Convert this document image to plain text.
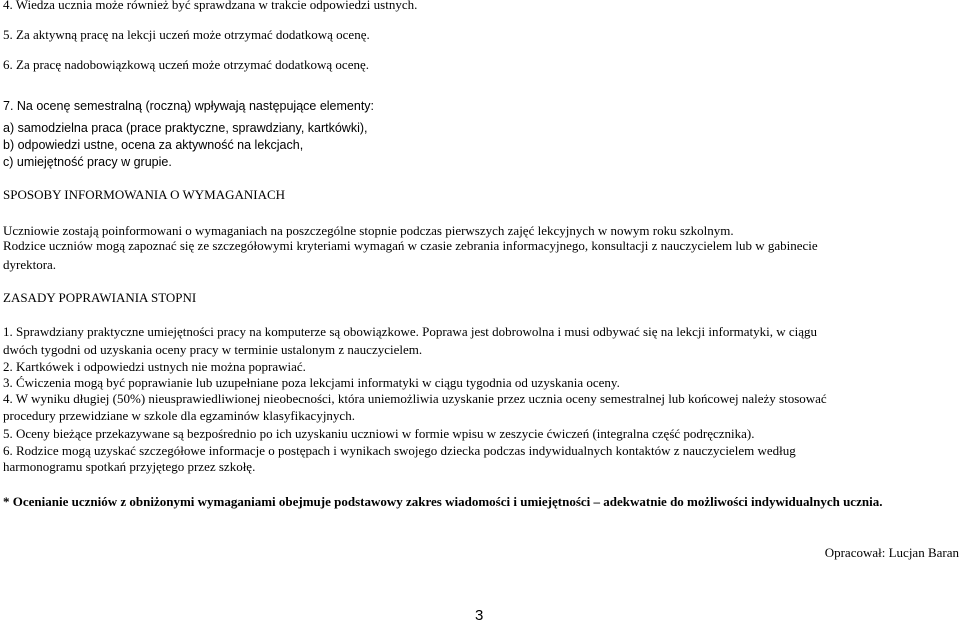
4. Wiedza ucznia może również być sprawdzana w trakcie odpowiedzi ustnych.
5. Za aktywną pracę na lekcji uczeń może otrzymać dodatkową ocenę.
6. Za pracę nadobowiązkową uczeń może otrzymać dodatkową ocenę.
7. Na ocenę semestralną (roczną) wpływają następujące elementy:
a) samodzielna praca (prace praktyczne, sprawdziany, kartkówki),
b) odpowiedzi ustne, ocena za aktywność na lekcjach,
c) umiejętność pracy w grupie.
SPOSOBY INFORMOWANIA O WYMAGANIACH
Uczniowie zostają poinformowani o wymaganiach na poszczególne stopnie podczas pierwszych zajęć lekcyjnych w nowym roku szkolnym.
Rodzice uczniów mogą zapoznać się ze szczegółowymi kryteriami wymagań w czasie zebrania informacyjnego, konsultacji z nauczycielem lub w gabinecie
dyrektora.
ZASADY POPRAWIANIA STOPNI
1. Sprawdziany praktyczne umiejętności pracy na komputerze są obowiązkowe. Poprawa jest dobrowolna i musi odbywać się na lekcji informatyki, w ciągu
dwóch tygodni od uzyskania oceny pracy w terminie ustalonym z nauczycielem.
2. Kartkówek i odpowiedzi ustnych nie można poprawiać.
3. Ćwiczenia mogą być poprawianie lub uzupełniane poza lekcjami informatyki w ciągu tygodnia od uzyskania oceny.
4. W wyniku długiej (50%) nieusprawiedliwionej nieobecności, która uniemożliwia uzyskanie przez ucznia oceny semestralnej lub końcowej należy stosować
procedury przewidziane w szkole dla egzaminów klasyfikacyjnych.
5. Oceny bieżące przekazywane są bezpośrednio po ich uzyskaniu uczniowi w formie wpisu w zeszycie ćwiczeń (integralna część podręcznika).
6. Rodzice mogą uzyskać szczegółowe informacje o postępach i wynikach swojego dziecka podczas indywidualnych kontaktów z nauczycielem według
harmonogramu spotkań przyjętego przez szkołę.
* Ocenianie uczniów z obniżonymi wymaganiami obejmuje podstawowy zakres wiadomości i umiejętności – adekwatnie do możliwości indywidualnych ucznia.
Opracował: Lucjan Baran
3
